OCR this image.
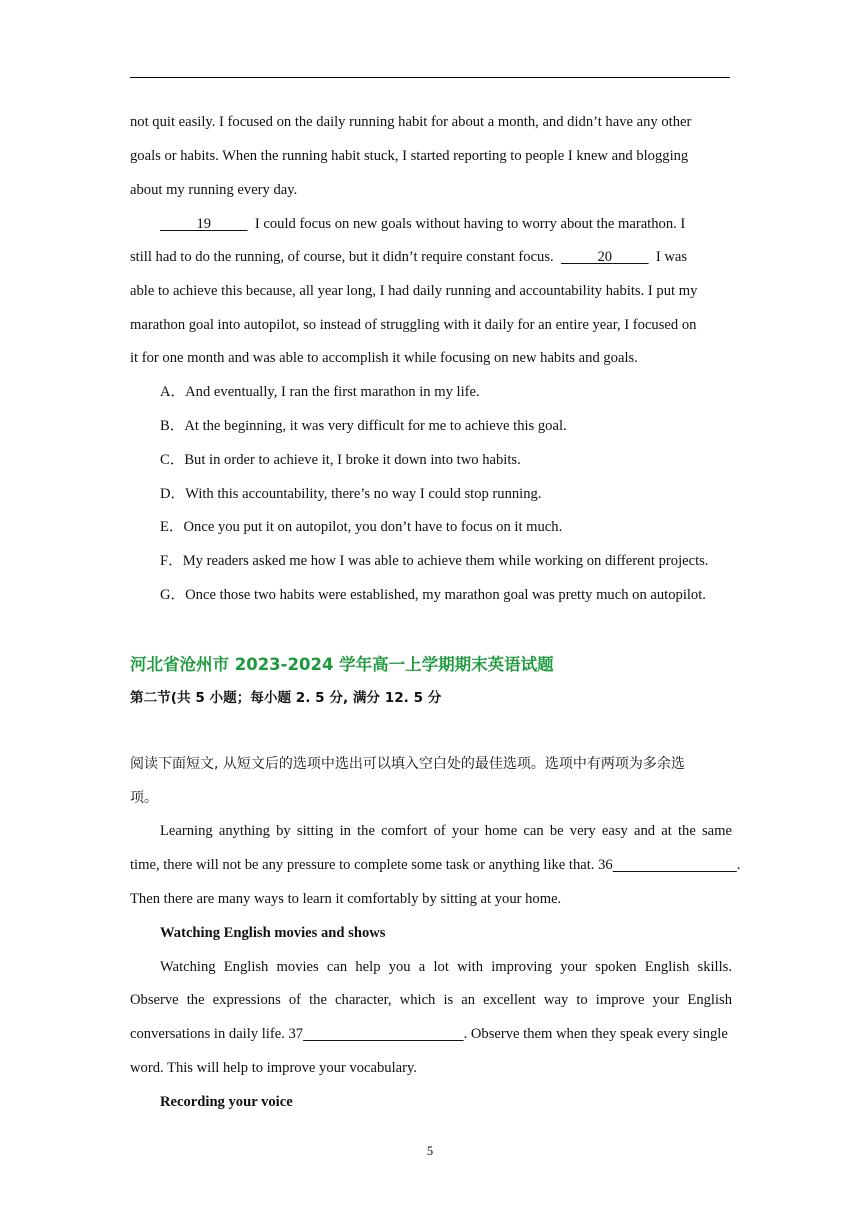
not quit easily. I focused on the daily running habit for about a month, and didn’t have any other
goals or habits. When the running habit stuck, I started reporting to people I knew and blogging
about my running every day.
19	I could focus on new goals without having to worry about the marathon. I
still had to do the running, of course, but it didn’t require constant focus.	20	I was
able to achieve this because, all year long, I had daily running and accountability habits. I put my
marathon goal into autopilot, so instead of struggling with it daily for an entire year, I focused on
it for one month and was able to accomplish it while focusing on new habits and goals.
A．And eventually, I ran the first marathon in my life.
B．At the beginning, it was very difficult for me to achieve this goal.
C．But in order to achieve it, I broke it down into two habits.
D．With this accountability, there’s no way I could stop running.
E．Once you put it on autopilot, you don’t have to focus on it much.
F．My readers asked me how I was able to achieve them while working on different projects.
G．Once those two habits were established, my marathon goal was pretty much on autopilot.
河北省沧州市 2023-2024 学年高一上学期期末英语试题
第二节(共 5 小题；每小题 2. 5 分, 满分 12. 5 分
阅读下面短文, 从短文后的选项中选出可以填入空白处的最佳选项。选项中有两项为多余选
项。
Learning anything by sitting in the comfort of your home can be very easy and at the same
time, there will not be any pressure to complete some task or anything like that. 36	.
Then there are many ways to learn it comfortably by sitting at your home.
Watching English movies and shows
Watching English movies can help you a lot with improving your spoken English skills.
Observe the expressions of the character, which is an excellent way to improve your English
conversations in daily life. 37	. Observe them when they speak every single
word. This will help to improve your vocabulary.
Recording your voice
5
